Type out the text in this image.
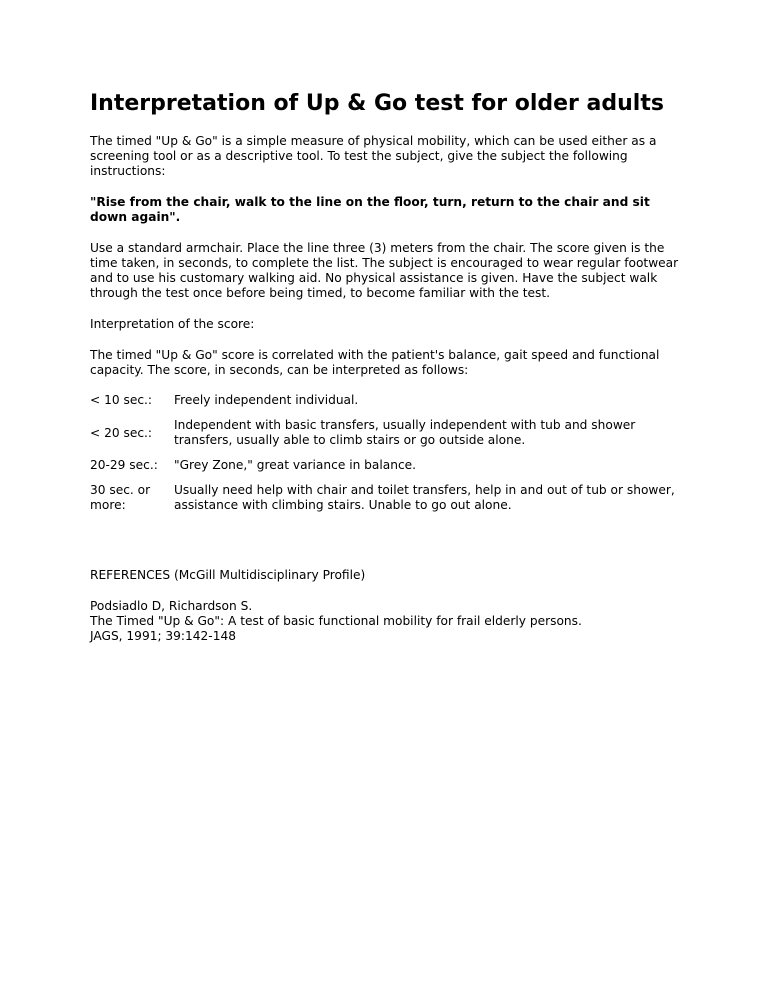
Interpretation of Up & Go test for older adults

The timed "Up & Go" is a simple measure of physical mobility, which can be used either as a screening tool or as a descriptive tool. To test the subject, give the subject the following instructions:

"Rise from the chair, walk to the line on the floor, turn, return to the chair and sit down again".

Use a standard armchair. Place the line three (3) meters from the chair. The score given is the time taken, in seconds, to complete the list. The subject is encouraged to wear regular footwear and to use his customary walking aid. No physical assistance is given. Have the subject walk through the test once before being timed, to become familiar with the test.

Interpretation of the score:

The timed "Up & Go" score is correlated with the patient's balance, gait speed and functional capacity. The score, in seconds, can be interpreted as follows:

< 10 sec.:	Freely independent individual.
< 20 sec.:	Independent with basic transfers, usually independent with tub and shower transfers, usually able to climb stairs or go outside alone.
20-29 sec.:	"Grey Zone," great variance in balance.
30 sec. or more:	Usually need help with chair and toilet transfers, help in and out of tub or shower, assistance with climbing stairs. Unable to go out alone.

REFERENCES (McGill Multidisciplinary Profile)

Podsiadlo D, Richardson S.
The Timed "Up & Go": A test of basic functional mobility for frail elderly persons.
JAGS, 1991; 39:142-148
